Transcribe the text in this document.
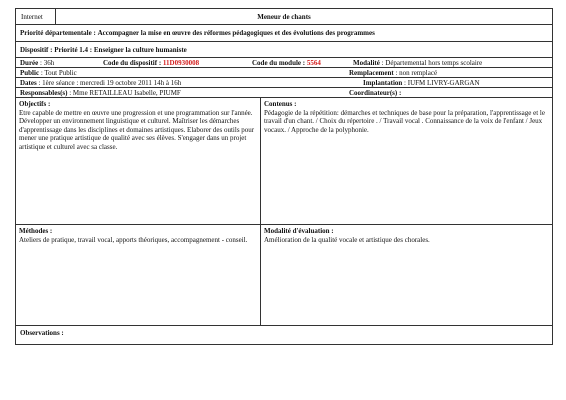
Internet	Meneur de chants
Priorité départementale :
Accompagner la mise en œuvre des réformes pédagogiques et des évolutions des programmes
Dispositif :
Priorité 1.4 : Enseigner la culture humaniste
Durée : 36h	Code du dispositif : 11D0930008	Code du module : 5564	Modalité : Départemental hors temps scolaire
Public : Tout Public	Remplacement : non remplacé
Dates : 1ère séance : mercredi 19 octobre 2011 14h à 16h	Implantation : IUFM LIVRY-GARGAN
Responsables(s) : Mme RETAILLEAU Isabelle, PIUMF	Coordinateur(s) :
Objectifs :
Etre capable de mettre en œuvre une progression et une programmation sur l'année. Développer un environnement linguistique et culturel. Maîtriser les démarches d'apprentissage dans les disciplines et domaines artistiques. Elaborer des outils pour mener une pratique artistique de qualité avec ses élèves. S'engager dans un projet artistique et culturel avec sa classe.
Contenus :
Pédagogie de la répétition: démarches et techniques de base pour la préparation, l'apprentissage et le travail d'un chant. / Choix du répertoire . / Travail vocal . Connaissance de la voix de l'enfant / Jeux vocaux. / Approche de la polyphonie.
Méthodes :
Ateliers de pratique, travail vocal, apports théoriques, accompagnement - conseil.
Modalité d'évaluation :
Amélioration de la qualité vocale et artistique des chorales.
Observations :
